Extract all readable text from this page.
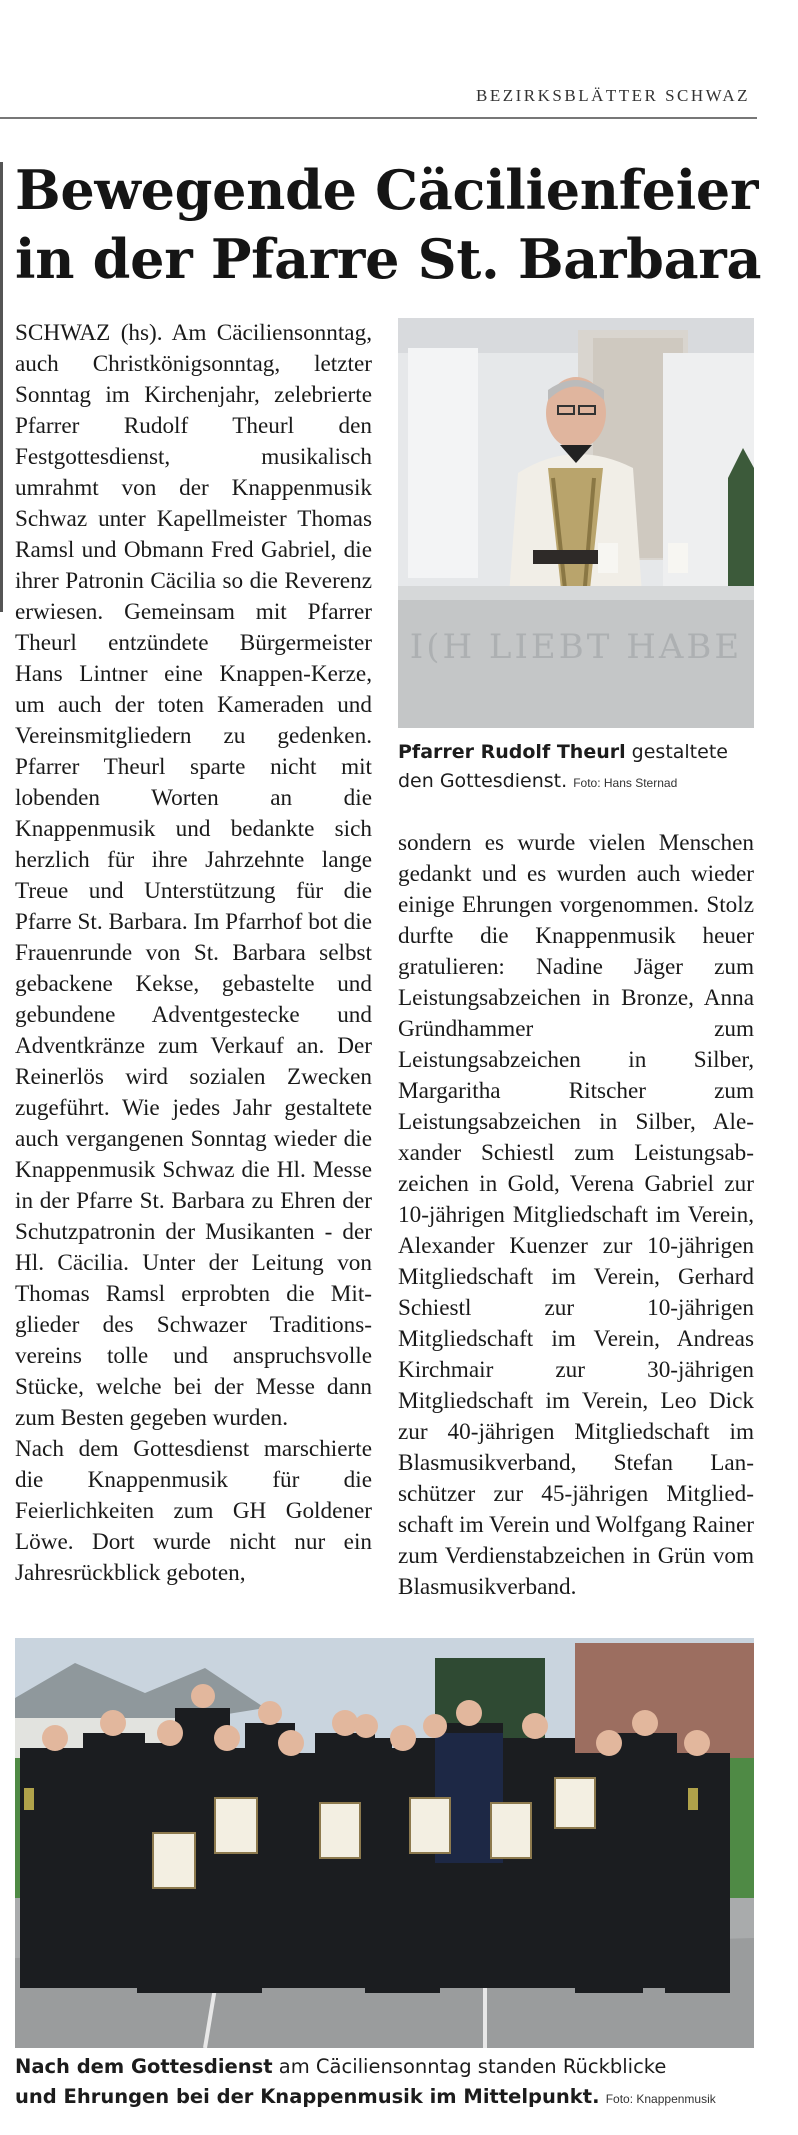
BEZIRKSBLÄTTER SCHWAZ
Bewegende Cäcilienfeier
in der Pfarre St. Barbara

SCHWAZ (hs). Am Cäciliensonntag, auch Christkönigsonntag, letzter Sonntag im Kirchenjahr, zelebrierte Pfarrer Rudolf Theurl den Festgottesdienst, musikalisch umrahmt von der Knappenmusik Schwaz unter Kapellmeister Thomas Ramsl und Obmann Fred Gabriel, die ihrer Patronin Cäcilia so die Reverenz erwiesen. Gemeinsam mit Pfarrer Theurl entzündete Bürgermeister Hans Lintner eine Knappen-Kerze, um auch der toten Kameraden und Vereinsmitgliedern zu gedenken. Pfarrer Theurl sparte nicht mit lobenden Worten an die Knappenmusik und bedankte sich herzlich für ihre Jahrzehnte lange Treue und Unterstützung für die Pfarre St. Barbara. Im Pfarrhof bot die Frauenrunde von St. Barbara selbst gebackene Kekse, gebastelte und gebundene Adventgestecke und Adventkränze zum Verkauf an. Der Reinerlös wird sozialen Zwecken zugeführt. Wie jedes Jahr gestaltete auch vergangenen Sonntag wieder die Knappenmusik Schwaz die Hl. Messe in der Pfarre St. Barbara zu Ehren der Schutzpatronin der Musikanten - der Hl. Cäcilia. Unter der Leitung von Thomas Ramsl erprobten die Mitglieder des Schwazer Traditionsvereins tolle und anspruchsvolle Stücke, welche bei der Messe dann zum Besten gegeben wurden.

Nach dem Gottesdienst marschierte die Knappenmusik für die Feierlichkeiten zum GH Goldener Löwe. Dort wurde nicht nur ein Jahresrückblick geboten,

I(H LIEBT HABE
Pfarrer Rudolf Theurl gestaltete den Gottesdienst. Foto: Hans Sternad

sondern es wurde vielen Menschen gedankt und es wurden auch wieder einige Ehrungen vorgenommen. Stolz durfte die Knappenmusik heuer gratulieren: Nadine Jäger zum Leistungsabzeichen in Bronze, Anna Gründhammer zum Leistungsabzeichen in Silber, Margaritha Ritscher zum Leistungsabzeichen in Silber, Alexander Schiestl zum Leistungsabzeichen in Gold, Verena Gabriel zur 10-jährigen Mitgliedschaft im Verein, Alexander Kuenzer zur 10-jährigen Mitgliedschaft im Verein, Gerhard Schiestl zur 10-jährigen Mitgliedschaft im Verein, Andreas Kirchmair zur 30-jährigen Mitgliedschaft im Verein, Leo Dick zur 40-jährigen Mitgliedschaft im Blasmusikverband, Stefan Lanschützer zur 45-jährigen Mitgliedschaft im Verein und Wolfgang Rainer zum Verdienstabzeichen in Grün vom Blasmusikverband.

Nach dem Gottesdienst am Cäciliensonntag standen Rückblicke
und Ehrungen bei der Knappenmusik im Mittelpunkt. Foto: Knappenmusik
